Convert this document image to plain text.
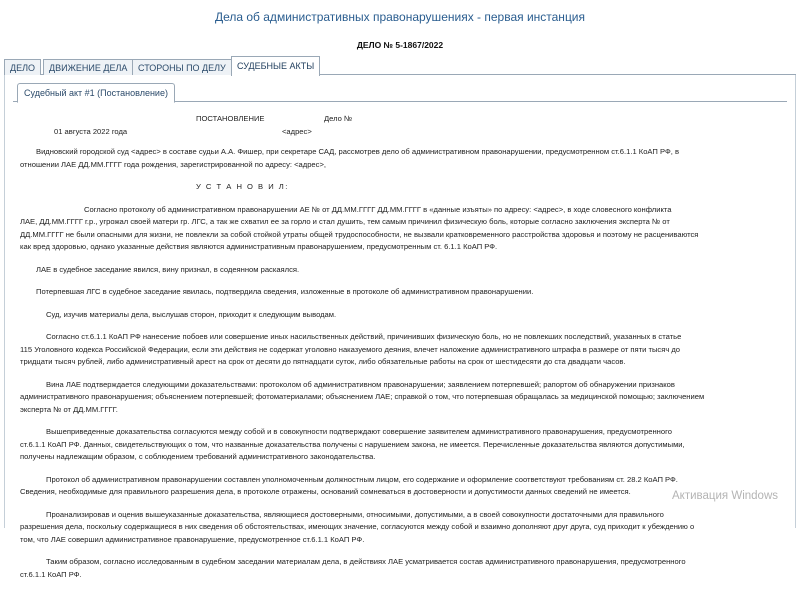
Дела об административных правонарушениях - первая инстанция
ДЕЛО № 5-1867/2022
ДЕЛО	ДВИЖЕНИЕ ДЕЛА	СТОРОНЫ ПО ДЕЛУ	СУДЕБНЫЕ АКТЫ
Судебный акт #1 (Постановление)
ПОСТАНОВЛЕНИЕ	Дело №
01 августа 2022 года	<адрес>
Видновский городской суд <адрес> в составе судьи А.А. Фишер, при секретаре САД, рассмотрев дело об административном правонарушении, предусмотренном ст.6.1.1 КоАП РФ, в
отношении ЛАЕ ДД.ММ.ГГГГ года рождения, зарегистрированной по адресу: <адрес>,
У С Т А Н О В И Л:
Согласно протоколу об административном правонарушении АЕ № от ДД.ММ.ГГГГ ДД.ММ.ГГГГ в «данные изъяты» по адресу: <адрес>, в ходе словесного конфликта
ЛАЕ, ДД.ММ.ГГГГ г.р., угрожал своей матери гр. ЛГС, а так же схватил ее за горло и стал душить, тем самым причинил физическую боль, которые согласно заключения эксперта № от
ДД.ММ.ГГГГ не были опасными для жизни, не повлекли за собой стойкой утраты общей трудоспособности, не вызвали кратковременного расстройства здоровья и поэтому не расцениваются
как вред здоровью, однако указанные действия являются административным правонарушением, предусмотренным ст. 6.1.1 КоАП РФ.
ЛАЕ в судебное заседание явился, вину признал, в содеянном раскаялся.
Потерпевшая ЛГС в судебное заседание явилась, подтвердила сведения, изложенные в протоколе об административном правонарушении.
Суд, изучив материалы дела, выслушав сторон, приходит к следующим выводам.
Согласно ст.6.1.1 КоАП РФ нанесение побоев или совершение иных насильственных действий, причинивших физическую боль, но не повлекших последствий, указанных в статье
115 Уголовного кодекса Российской Федерации, если эти действия не содержат уголовно наказуемого деяния, влечет наложение административного штрафа в размере от пяти тысяч до
тридцати тысяч рублей, либо административный арест на срок от десяти до пятнадцати суток, либо обязательные работы на срок от шестидесяти до ста двадцати часов.
Вина ЛАЕ подтверждается следующими доказательствами: протоколом об административном правонарушении; заявлением потерпевшей; рапортом об обнаружении признаков
административного правонарушения; объяснением потерпевшей; фотоматериалами; объяснением ЛАЕ; справкой о том, что потерпевшая обращалась за медицинской помощью; заключением
эксперта № от ДД.ММ.ГГГГ.
Вышеприведенные доказательства согласуются между собой и в совокупности подтверждают совершение заявителем административного правонарушения, предусмотренного
ст.6.1.1 КоАП РФ. Данных, свидетельствующих о том, что названные доказательства получены с нарушением закона, не имеется. Перечисленные доказательства являются допустимыми,
получены надлежащим образом, с соблюдением требований административного законодательства.
Протокол об административном правонарушении составлен уполномоченным должностным лицом, его содержание и оформление соответствуют требованиям ст. 28.2 КоАП РФ.
Сведения, необходимые для правильного разрешения дела, в протоколе отражены, оснований сомневаться в достоверности и допустимости данных сведений не имеется.
Проанализировав и оценив вышеуказанные доказательства, являющиеся достоверными, относимыми, допустимыми, а в своей совокупности достаточными для правильного
разрешения дела, поскольку содержащиеся в них сведения об обстоятельствах, имеющих значение, согласуются между собой и взаимно дополняют друг друга, суд приходит к убеждению о
том, что ЛАЕ совершил административное правонарушение, предусмотренное ст.6.1.1 КоАП РФ.
Таким образом, согласно исследованным в судебном заседании материалам дела, в действиях ЛАЕ усматривается состав административного правонарушения, предусмотренного
ст.6.1.1 КоАП РФ.
Активация Windows
